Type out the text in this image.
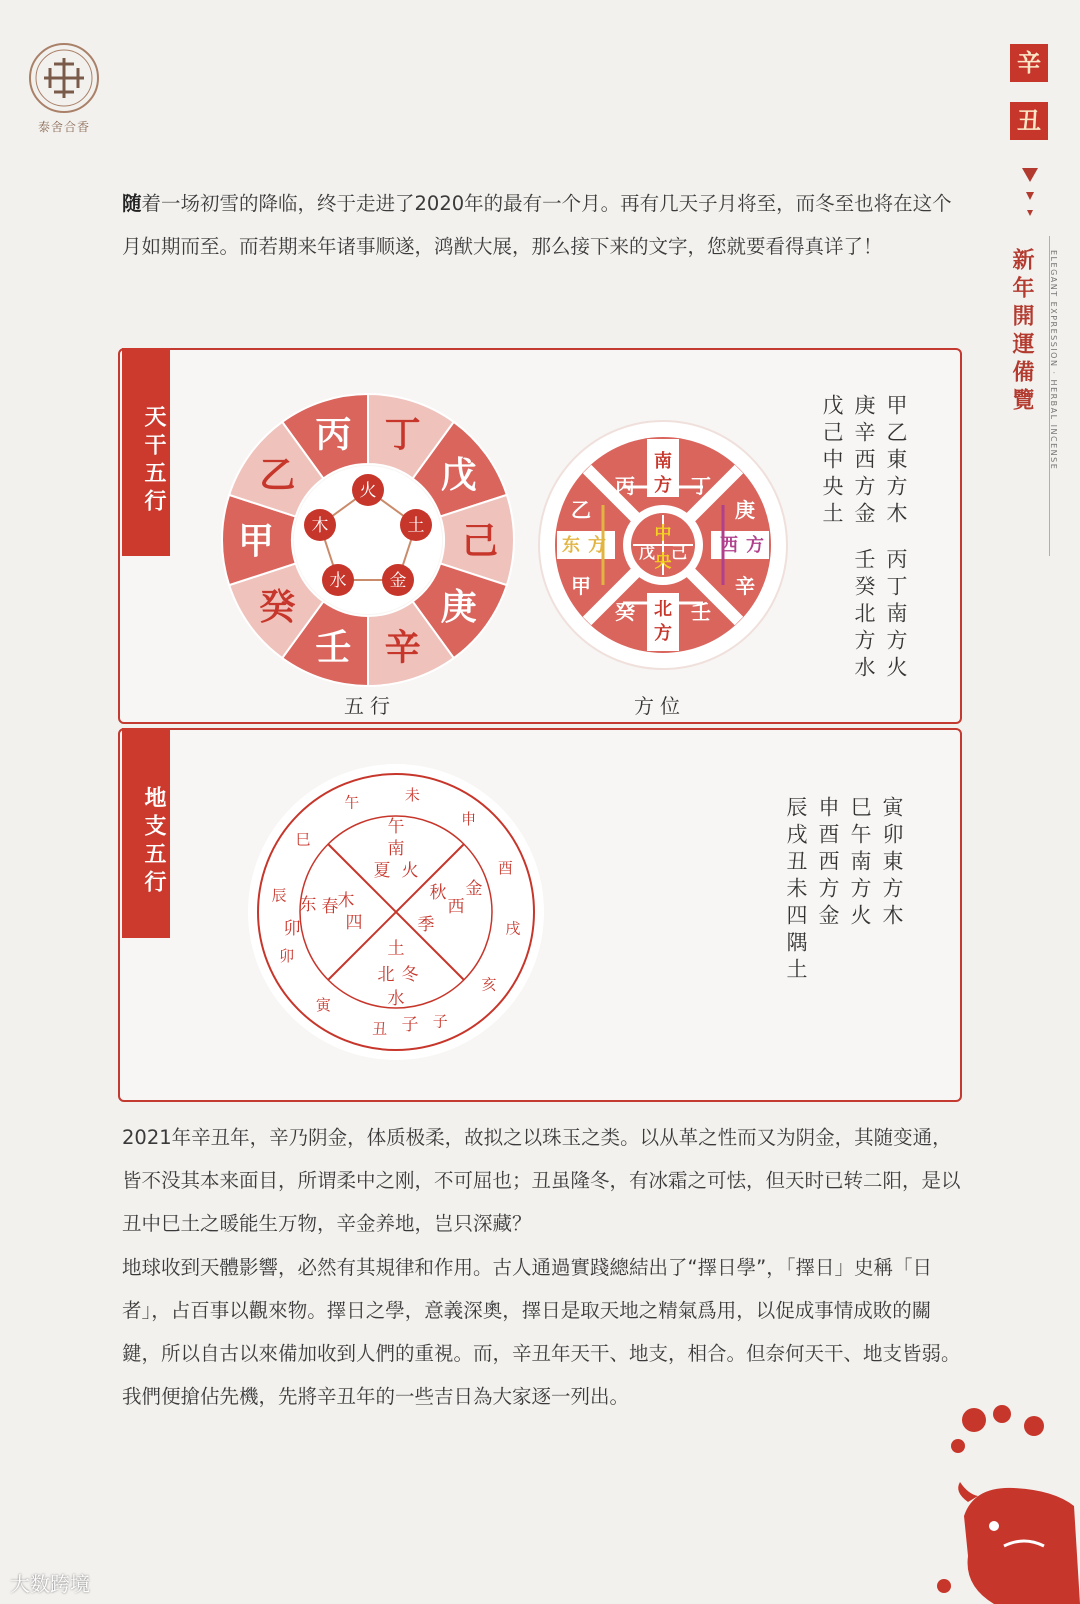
泰舍合香
辛
丑
新年開運備覽	ELEGANT EXPRESSION · HERBAL INCENSE
随着一场初雪的降临，终于走进了2020年的最有一个月。再有几天子月将至，而冬至也将在这个月如期而至。而若期来年诸事顺遂，鸿猷大展，那么接下来的文字，您就要看得真详了！
天干五行	丙 丁
戊
己
庚
辛
壬
癸
甲
乙	火
土
金
水
木
五行
南
方
北
方
东 方	西 方
中
央
戊 己
丙	丁
庚
辛
癸	壬
乙
甲
方位
甲乙東方木
庚辛西方金
戊己中央土
丙丁南方火
壬癸北方水
地支五行	午	未
申
酉
戌
亥
子
丑
寅
卯
辰
巳	南
夏 火
午
西
秋 金
土
北 冬
水
子
东 春 木
卯	四	季	寅卯東方木
巳午南方火
申酉西方金
辰戌丑未四隅土
2021年辛丑年，辛乃阴金，体质极柔，故拟之以珠玉之类。以从革之性而又为阴金，其随变通，皆不没其本来面目，所谓柔中之刚，不可屈也；丑虽隆冬，有冰霜之可怯，但天时已转二阳，是以丑中巳土之暖能生万物，辛金养地，岂只深藏？
地球收到天體影響，必然有其規律和作用。古人通過實踐總結出了“擇日學”，「擇日」史稱「日者」，占百事以觀來物。擇日之學，意義深奧，擇日是取天地之精氣爲用，以促成事情成敗的關鍵，所以自古以來備加收到人們的重視。而，辛丑年天干、地支，相合。但奈何天干、地支皆弱。我們便搶佔先機，先將辛丑年的一些吉日為大家逐一列出。
大数跨境
